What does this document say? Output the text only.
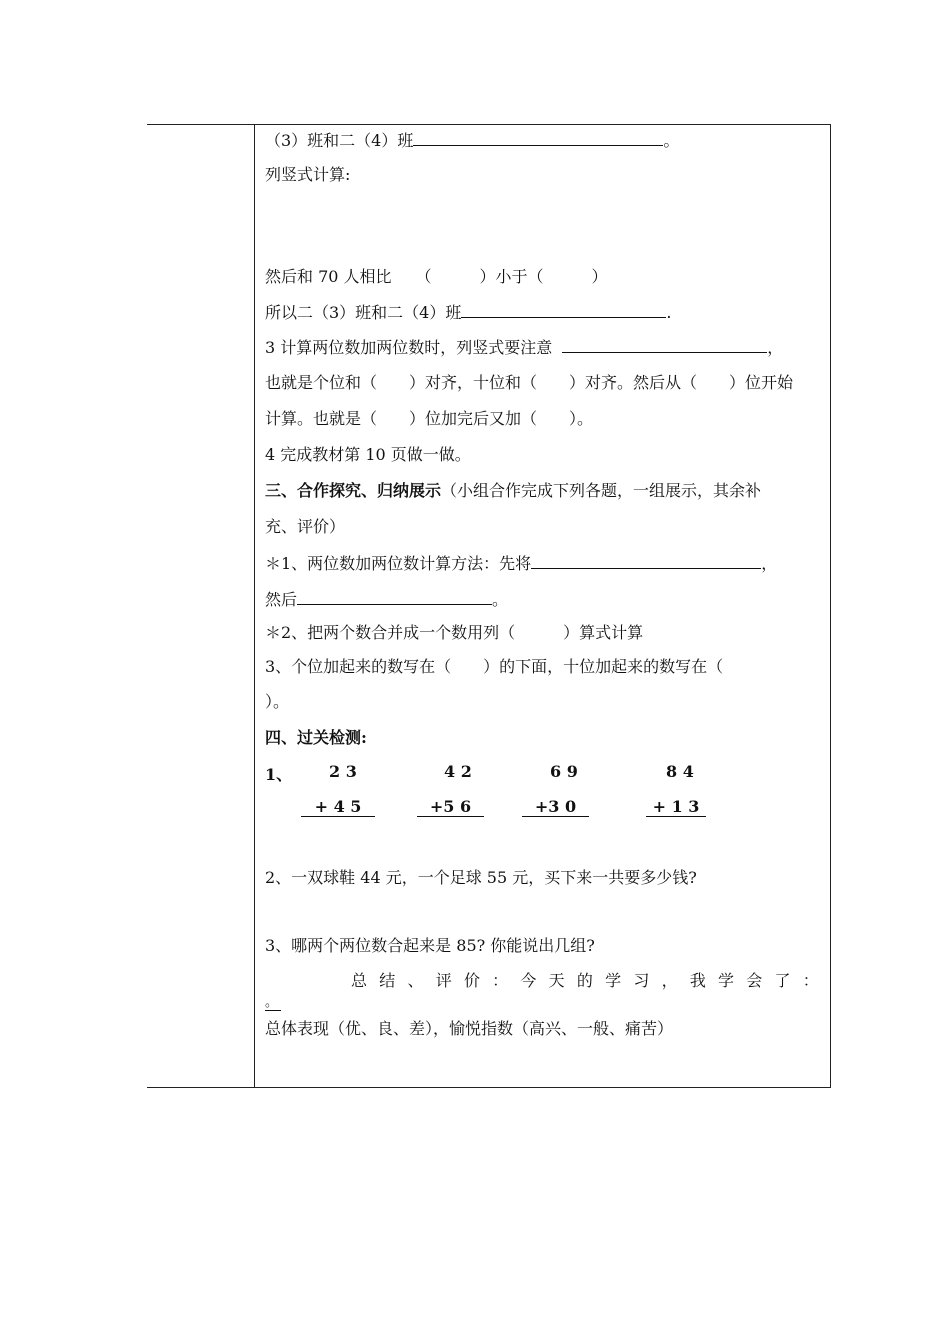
（3）班和二（4）班	。
列竖式计算:
然后和 70 人相比　　（　　　）小于（　　　）
所以二（3）班和二（4）班	.
3 计算两位数加两位数时，列竖式要注意	，
也就是个位和（　　）对齐，十位和（　　）对齐。然后从（　　）位开始
计算。也就是（　　）位加完后又加（　　）。
4 完成教材第 10 页做一做。
三、合作探究、归纳展示（小组合作完成下列各题，一组展示，其余补
充、评价）
＊1、两位数加两位数计算方法：先将	，
然后	。
＊2、把两个数合并成一个数用列（　　　）算式计算
3、个位加起来的数写在（　　）的下面，十位加起来的数写在（
）。
四、过关检测:
1、 2 3
+ 4 5
4 2
+5 6
6 9
+3 0
8 4
+ 1 3
2、一双球鞋 44 元，一个足球 55 元，买下来一共要多少钱?
3、哪两个两位数合起来是 85? 你能说出几组?
总 结 、 评 价 ： 今 天 的 学 习 ， 我 学 会 了 ：
。
总体表现（优、良、差），愉悦指数（高兴、一般、痛苦）
